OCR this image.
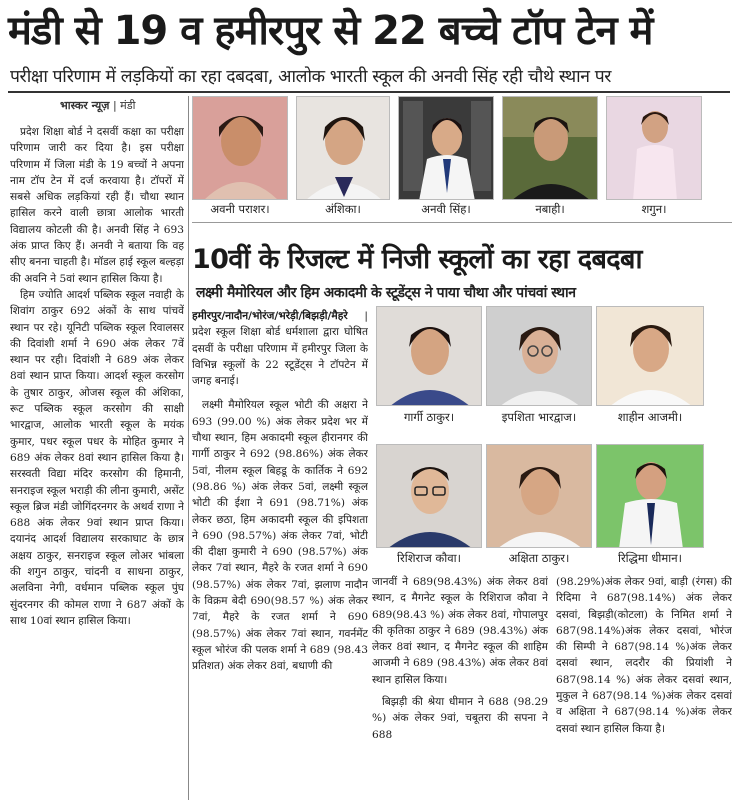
मंडी से 19 व हमीरपुर से 22 बच्चे टॉप टेन में
परीक्षा परिणाम में लड़कियों का रहा दबदबा, आलोक भारती स्कूल की अनवी सिंह रही चौथे स्थान पर
भास्कर न्यूज़ | मंडी

प्रदेश शिक्षा बोर्ड ने दसवीं कक्षा का परीक्षा परिणाम जारी कर दिया है। इस परीक्षा परिणाम में जिला मंडी के 19 बच्चों ने अपना नाम टॉप टेन में दर्ज करवाया है। टॉपरों में सबसे अधिक लड़कियां रही हैं। चौथा स्थान हासिल करने वाली छात्रा आलोक भारती विद्यालय कोटली की है। अनवी सिंह ने 693 अंक प्राप्त किए हैं। अनवी ने बताया कि वह सीए बनना चाहती है। मॉडल हाई स्कूल बल्हड़ा की अवनि ने 5वां स्थान हासिल किया है।

हिम ज्योति आदर्श पब्लिक स्कूल नवाही के शिवांग ठाकुर 692 अंकों के साथ पांचवें स्थान पर रहे। यूनिटी पब्लिक स्कूल रिवालसर की दिवांशी शर्मा ने 690 अंक लेकर 7वें स्थान पर रही। दिवांशी ने 689 अंक लेकर 8वां स्थान प्राप्त किया। आदर्श स्कूल करसोग के तुषार ठाकुर, ओजस स्कूल की अंशिका, रूट पब्लिक स्कूल करसोग की साक्षी भारद्वाज, आलोक भारती स्कूल के मयंक कुमार, पधर स्कूल पधर के मोहित कुमार ने 689 अंक लेकर 8वां स्थान हासिल किया है। सरस्वती विद्या मंदिर करसोग की हिमानी, सनराइज स्कूल भराड़ी की लीना कुमारी, असेंट स्कूल ब्रिज मंडी जोगिंदरनगर के अथर्व राणा ने 688 अंक लेकर 9वां स्थान प्राप्त किया। दयानंद आदर्श विद्यालय सरकाघाट के छात्र अक्षय ठाकुर, सनराइज स्कूल लोअर भांबला की शगुन ठाकुर, चांदनी व साधना ठाकुर, अलविना नेगी, वर्धमान पब्लिक स्कूल पुंघ सुंदरनगर की कोमल राणा ने 687 अंकों के साथ 10वां स्थान हासिल किया।

अवनी पराशर।	अंशिका।	अनवी सिंह।	नबाही।	शगुन।
10वीं के रिजल्ट में निजी स्कूलों का रहा दबदबा
लक्ष्मी मैमोरियल और हिम अकादमी के स्टूडेंट्स ने पाया चौथा और पांचवां स्थान

हमीरपुर/नादौन/भोरंज/भरेड़ी/बिझड़ी/मैहरे | प्रदेश स्कूल शिक्षा बोर्ड धर्मशाला द्वारा घोषित दसवीं के परीक्षा परिणाम में हमीरपुर जिला के विभिन्न स्कूलों के 22 स्टूडेंट्स ने टॉपटेन में जगह बनाई।

लक्ष्मी मैमोरियल स्कूल भोटी की अक्षरा ने 693 (99.00 %) अंक लेकर प्रदेश भर में चौथा स्थान, हिम अकादमी स्कूल हीरानगर की गार्गी ठाकुर ने 692 (98.86%) अंक लेकर 5वां, नीलम स्कूल बिहडू के कार्तिक ने 692 (98.86 %) अंक लेकर 5वां, लक्ष्मी स्कूल भोटी की ईशा ने 691 (98.71%) अंक लेकर छठा, हिम अकादमी स्कूल की इपिशता ने 690 (98.57%) अंक लेकर 7वां, भोटी की दीक्षा कुमारी ने 690 (98.57%) अंक लेकर 7वां स्थान, मैहरे के रजत शर्मा ने 690 (98.57%) अंक लेकर 7वां, झलाण नादौन के विक्रम बेदी 690(98.57 %) अंक लेकर 7वां, मैहरे के रजत शर्मा ने 690 (98.57%) अंक लेकर 7वां स्थान, गवर्नमेंट स्कूल भोरंज की पलक शर्मा ने 689 (98.43 प्रतिशत) अंक लेकर 8वां, बधाणी की

गार्गी ठाकुर।	इपशिता भारद्वाज।	शाहीन आजमी।
रिशिराज कौवा।	अक्षिता ठाकुर।	रिद्धिमा धीमान।

जानवीं ने 689(98.43%) अंक लेकर 8वां स्थान, द मैगनेट स्कूल के रिशिराज कौवा ने 689(98.43 %) अंक लेकर 8वां, गोपालपुर की कृतिका ठाकुर ने 689 (98.43%) अंक लेकर 8वां स्थान, द मैगनेट स्कूल की शाहिम आजमी ने 689 (98.43%) अंक लेकर 8वां स्थान हासिल किया।

बिझड़ी की श्रेया धीमान ने 688 (98.29 %) अंक लेकर 9वां, चबूतरा की सपना ने 688

(98.29%)अंक लेकर 9वां, बाड़ी (रंगस) की रिदिमा ने 687(98.14%) अंक लेकर दसवां, बिझड़ी(कोटला) के निमित शर्मा ने 687(98.14%)अंक लेकर दसवां, भोरंज की सिम्पी ने 687(98.14 %)अंक लेकर दसवां स्थान, लदरौर की प्रियांशी ने 687(98.14 %) अंक लेकर दसवां स्थान, मुकुल ने 687(98.14 %)अंक लेकर दसवां व अक्षिता ने 687(98.14 %)अंक लेकर दसवां स्थान हासिल किया है।
